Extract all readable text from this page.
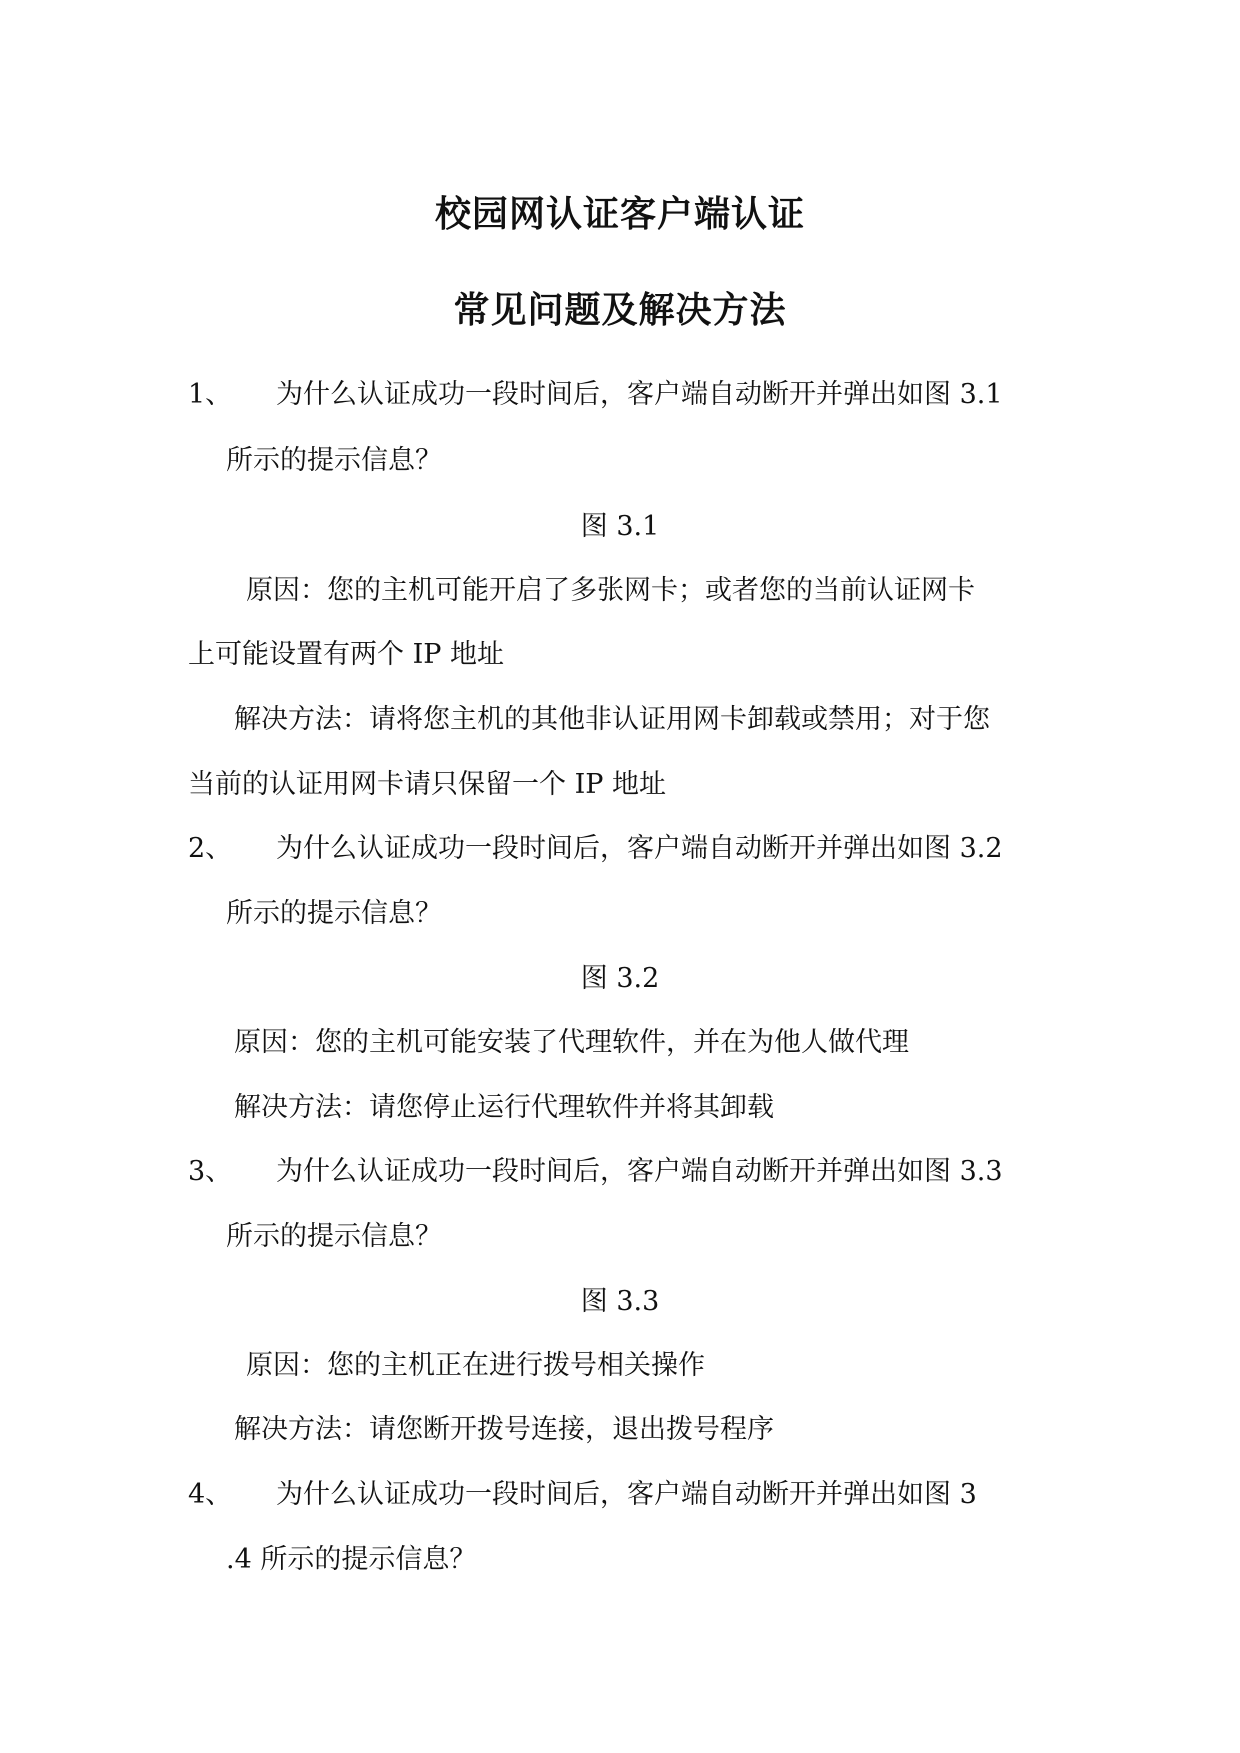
校园网认证客户端认证
常见问题及解决方法
1、 为什么认证成功一段时间后，客户端自动断开并弹出如图 3.1
所示的提示信息？
图 3.1
原因：您的主机可能开启了多张网卡；或者您的当前认证网卡
上可能设置有两个 IP 地址
解决方法：请将您主机的其他非认证用网卡卸载或禁用；对于您
当前的认证用网卡请只保留一个 IP 地址
2、 为什么认证成功一段时间后，客户端自动断开并弹出如图 3.2
所示的提示信息？
图 3.2
原因：您的主机可能安装了代理软件，并在为他人做代理
解决方法：请您停止运行代理软件并将其卸载
3、 为什么认证成功一段时间后，客户端自动断开并弹出如图 3.3
所示的提示信息？
图 3.3
原因：您的主机正在进行拨号相关操作
解决方法：请您断开拨号连接，退出拨号程序
4、 为什么认证成功一段时间后，客户端自动断开并弹出如图 3
.4 所示的提示信息？
